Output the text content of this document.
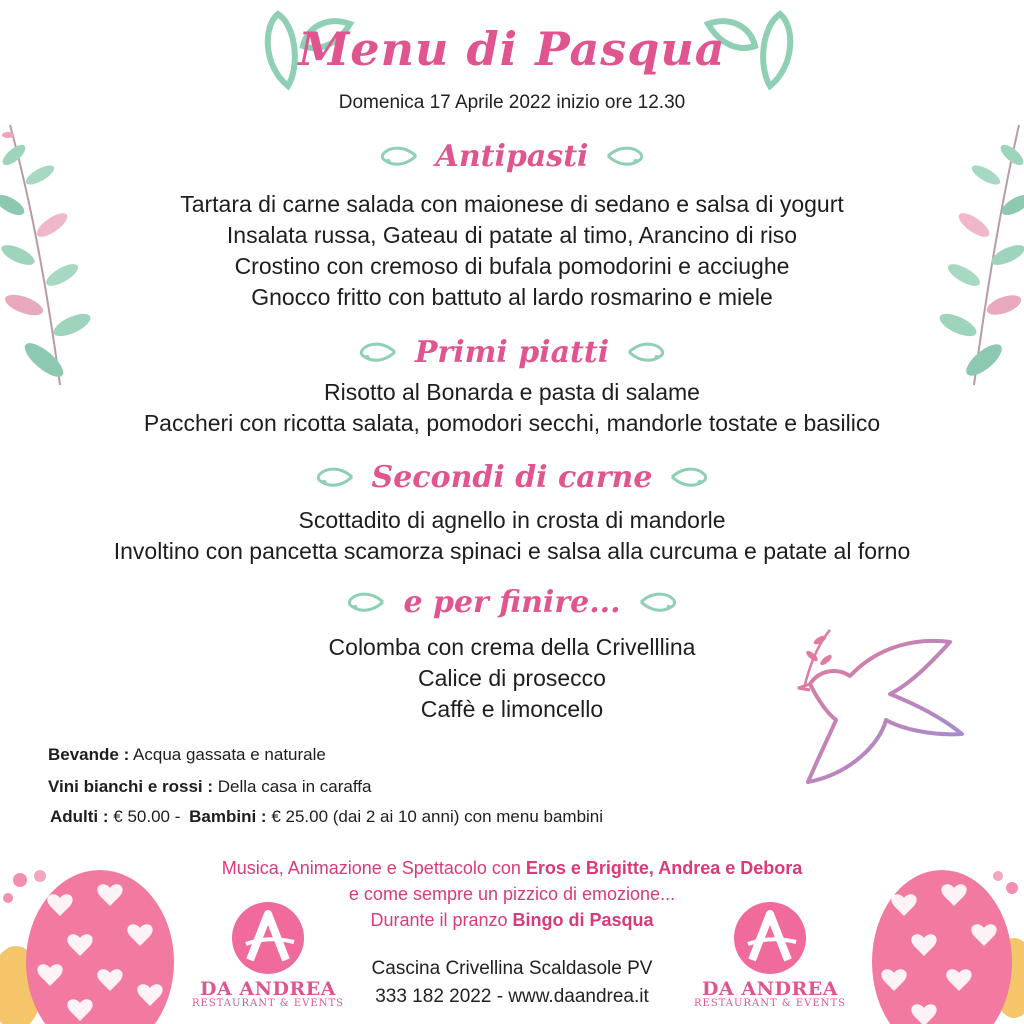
Menu di Pasqua
Domenica 17 Aprile 2022 inizio ore 12.30
Antipasti
Tartara di carne salada con maionese di sedano e salsa di yogurt
Insalata russa, Gateau di patate al timo, Arancino di riso
Crostino con cremoso di bufala pomodorini e acciughe
Gnocco fritto con battuto al lardo rosmarino e miele
Primi piatti
Risotto al Bonarda e pasta di salame
Paccheri con ricotta salata, pomodori secchi, mandorle tostate e basilico
Secondi di carne
Scottadito di agnello in crosta di mandorle
Involtino con pancetta scamorza spinaci e salsa alla curcuma e patate al forno
e per finire...
Colomba con crema della Crivelllina
Calice di prosecco
Caffè e limoncello
Bevande : Acqua gassata e naturale
Vini bianchi e rossi : Della casa in caraffa
Adulti : € 50.00 - Bambini : € 25.00 (dai 2 ai 10 anni) con menu bambini
Musica, Animazione e Spettacolo con Eros e Brigitte, Andrea e Debora
e come sempre un pizzico di emozione...
Durante il pranzo Bingo di Pasqua
Cascina Crivellina Scaldasole PV
333 182 2022 - www.daandrea.it
DA ANDREA
RESTAURANT & EVENTS
DA ANDREA
RESTAURANT & EVENTS
